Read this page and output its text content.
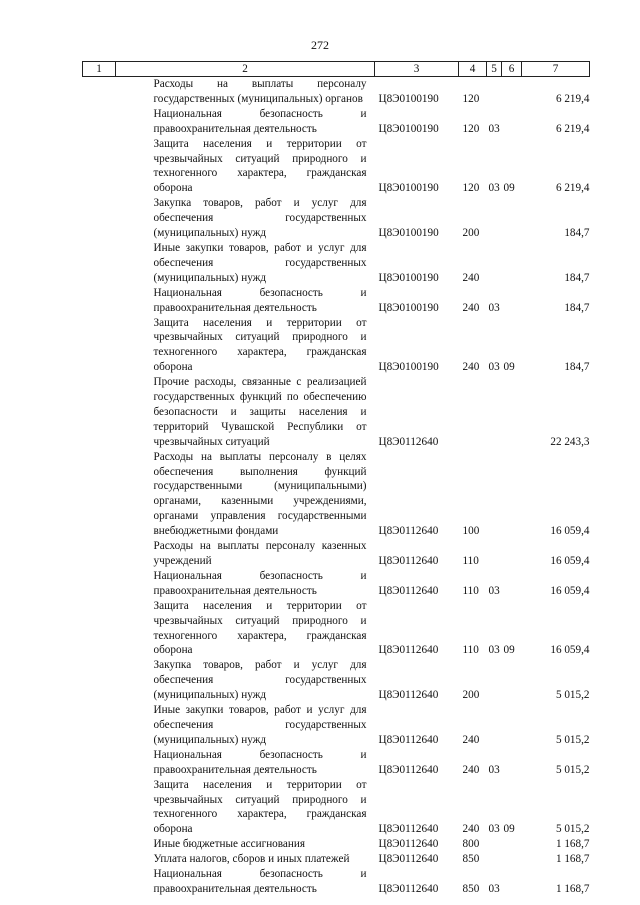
272
1	2	3	4	5	6	7
	Расходы на выплаты персоналу государственных (муниципальных) органов	Ц8Э0100190	120			6 219,4
	Национальная безопасность и правоохранительная деятельность	Ц8Э0100190	120	03		6 219,4
	Защита населения и территории от чрезвычайных ситуаций природного и техногенного характера, гражданская оборона	Ц8Э0100190	120	03	09	6 219,4
	Закупка товаров, работ и услуг для обеспечения государственных (муниципальных) нужд	Ц8Э0100190	200			184,7
	Иные закупки товаров, работ и услуг для обеспечения государственных (муниципальных) нужд	Ц8Э0100190	240			184,7
	Национальная безопасность и правоохранительная деятельность	Ц8Э0100190	240	03		184,7
	Защита населения и территории от чрезвычайных ситуаций природного и техногенного характера, гражданская оборона	Ц8Э0100190	240	03	09	184,7
	Прочие расходы, связанные с реализацией государственных функций по обеспечению безопасности и защиты населения и территорий Чувашской Республики от чрезвычайных ситуаций	Ц8Э0112640				22 243,3
	Расходы на выплаты персоналу в целях обеспечения выполнения функций государственными (муниципальными) органами, казенными учреждениями, органами управления государственными внебюджетными фондами	Ц8Э0112640	100			16 059,4
	Расходы на выплаты персоналу казенных учреждений	Ц8Э0112640	110			16 059,4
	Национальная безопасность и правоохранительная деятельность	Ц8Э0112640	110	03		16 059,4
	Защита населения и территории от чрезвычайных ситуаций природного и техногенного характера, гражданская оборона	Ц8Э0112640	110	03	09	16 059,4
	Закупка товаров, работ и услуг для обеспечения государственных (муниципальных) нужд	Ц8Э0112640	200			5 015,2
	Иные закупки товаров, работ и услуг для обеспечения государственных (муниципальных) нужд	Ц8Э0112640	240			5 015,2
	Национальная безопасность и правоохранительная деятельность	Ц8Э0112640	240	03		5 015,2
	Защита населения и территории от чрезвычайных ситуаций природного и техногенного характера, гражданская оборона	Ц8Э0112640	240	03	09	5 015,2
	Иные бюджетные ассигнования	Ц8Э0112640	800			1 168,7
	Уплата налогов, сборов и иных платежей	Ц8Э0112640	850			1 168,7
	Национальная безопасность и правоохранительная деятельность	Ц8Э0112640	850	03		1 168,7
